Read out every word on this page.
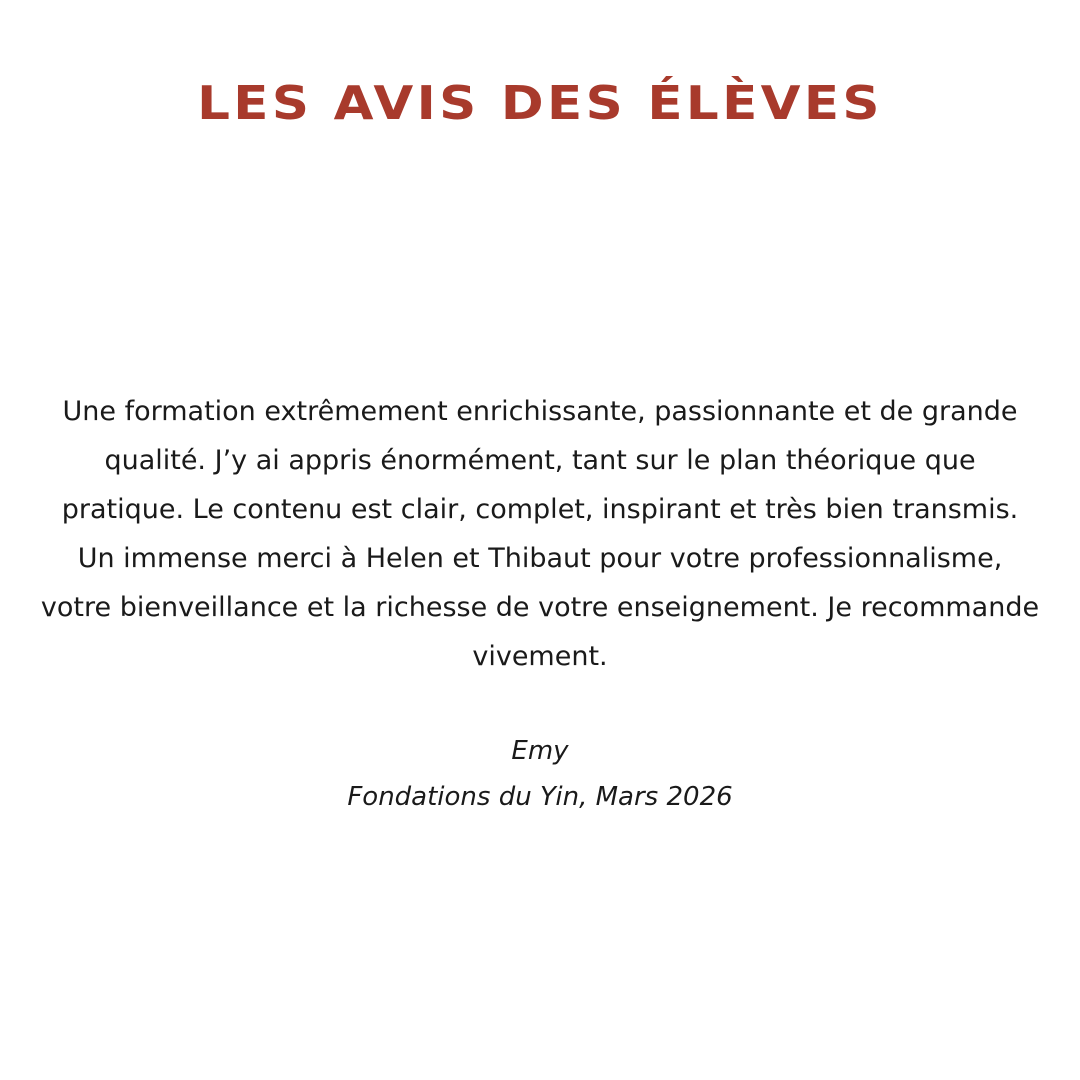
LES AVIS DES ÉLÈVES

Une formation extrêmement enrichissante, passionnante et de grande qualité. J’y ai appris énormément, tant sur le plan théorique que pratique. Le contenu est clair, complet, inspirant et très bien transmis. Un immense merci à Helen et Thibaut pour votre professionnalisme, votre bienveillance et la richesse de votre enseignement. Je recommande vivement.

Emy
Fondations du Yin, Mars 2026
